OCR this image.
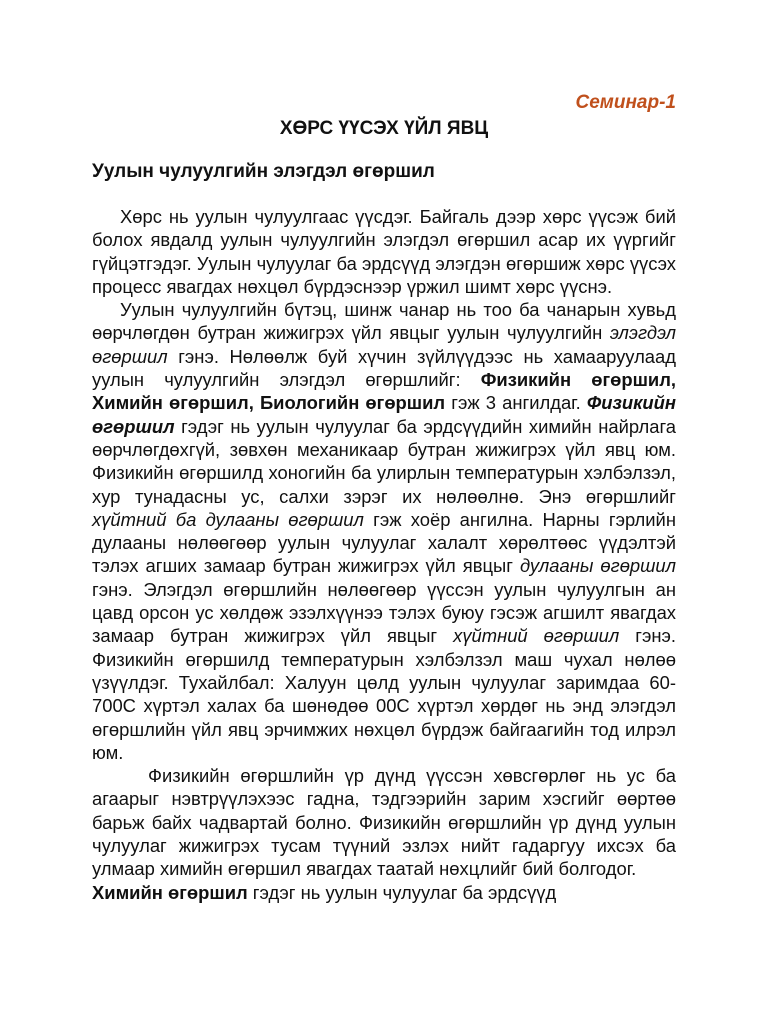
Семинар-1
ХӨРС ҮҮСЭХ ҮЙЛ ЯВЦ
Уулын чулуулгийн элэгдэл өгөршил

Хөрс нь уулын чулуулгаас үүсдэг. Байгаль дээр хөрс үүсэж бий болох явдалд уулын чулуулгийн элэгдэл өгөршил асар их үүргийг гүйцэтгэдэг. Уулын чулуулаг ба эрдсүүд элэгдэн өгөршиж хөрс үүсэх процесс явагдах нөхцөл бүрдэснээр үржил шимт хөрс үүснэ.

Уулын чулуулгийн бүтэц, шинж чанар нь тоо ба чанарын хувьд өөрчлөгдөн бутран жижигрэх үйл явцыг уулын чулуулгийн элэгдэл өгөршил гэнэ. Нөлөөлж буй хүчин зүйлүүдээс нь хамааруулаад уулын чулуулгийн элэгдэл өгөршлийг: Физикийн өгөршил, Химийн өгөршил, Биологийн өгөршил гэж 3 ангилдаг. Физикийн өгөршил гэдэг нь уулын чулуулаг ба эрдсүүдийн химийн найрлага өөрчлөгдөхгүй, зөвхөн механикаар бутран жижигрэх үйл явц юм. Физикийн өгөршилд хоногийн ба улирлын температурын хэлбэлзэл, хур тунадасны ус, салхи зэрэг их нөлөөлнө. Энэ өгөршлийг хүйтний ба дулааны өгөршил гэж хоёр ангилна. Нарны гэрлийн дулааны нөлөөгөөр уулын чулуулаг халалт хөрөлтөөс үүдэлтэй тэлэх агших замаар бутран жижигрэх үйл явцыг дулааны өгөршил гэнэ. Элэгдэл өгөршлийн нөлөөгөөр үүссэн уулын чулуулгын ан цавд орсон ус хөлдөж эзэлхүүнээ тэлэх буюу гэсэж агшилт явагдах замаар бутран жижигрэх үйл явцыг хүйтний өгөршил гэнэ. Физикийн өгөршилд температурын хэлбэлзэл маш чухал нөлөө үзүүлдэг. Тухайлбал: Халуун цөлд уулын чулуулаг заримдаа 60-700С хүртэл халах ба шөнөдөө 00С хүртэл хөрдөг нь энд элэгдэл өгөршлийн үйл явц эрчимжих нөхцөл бүрдэж байгаагийн тод илрэл юм.

Физикийн өгөршлийн үр дүнд үүссэн хөвсгөрлөг нь ус ба агаарыг нэвтрүүлэхээс гадна, тэдгээрийн зарим хэсгийг өөртөө барьж байх чадвартай болно. Физикийн өгөршлийн үр дүнд уулын чулуулаг жижигрэх тусам түүний эзлэх нийт гадаргуу ихсэх ба улмаар химийн өгөршил явагдах таатай нөхцлийг бий болгодог.

Химийн өгөршил гэдэг нь уулын чулуулаг ба эрдсүүд
